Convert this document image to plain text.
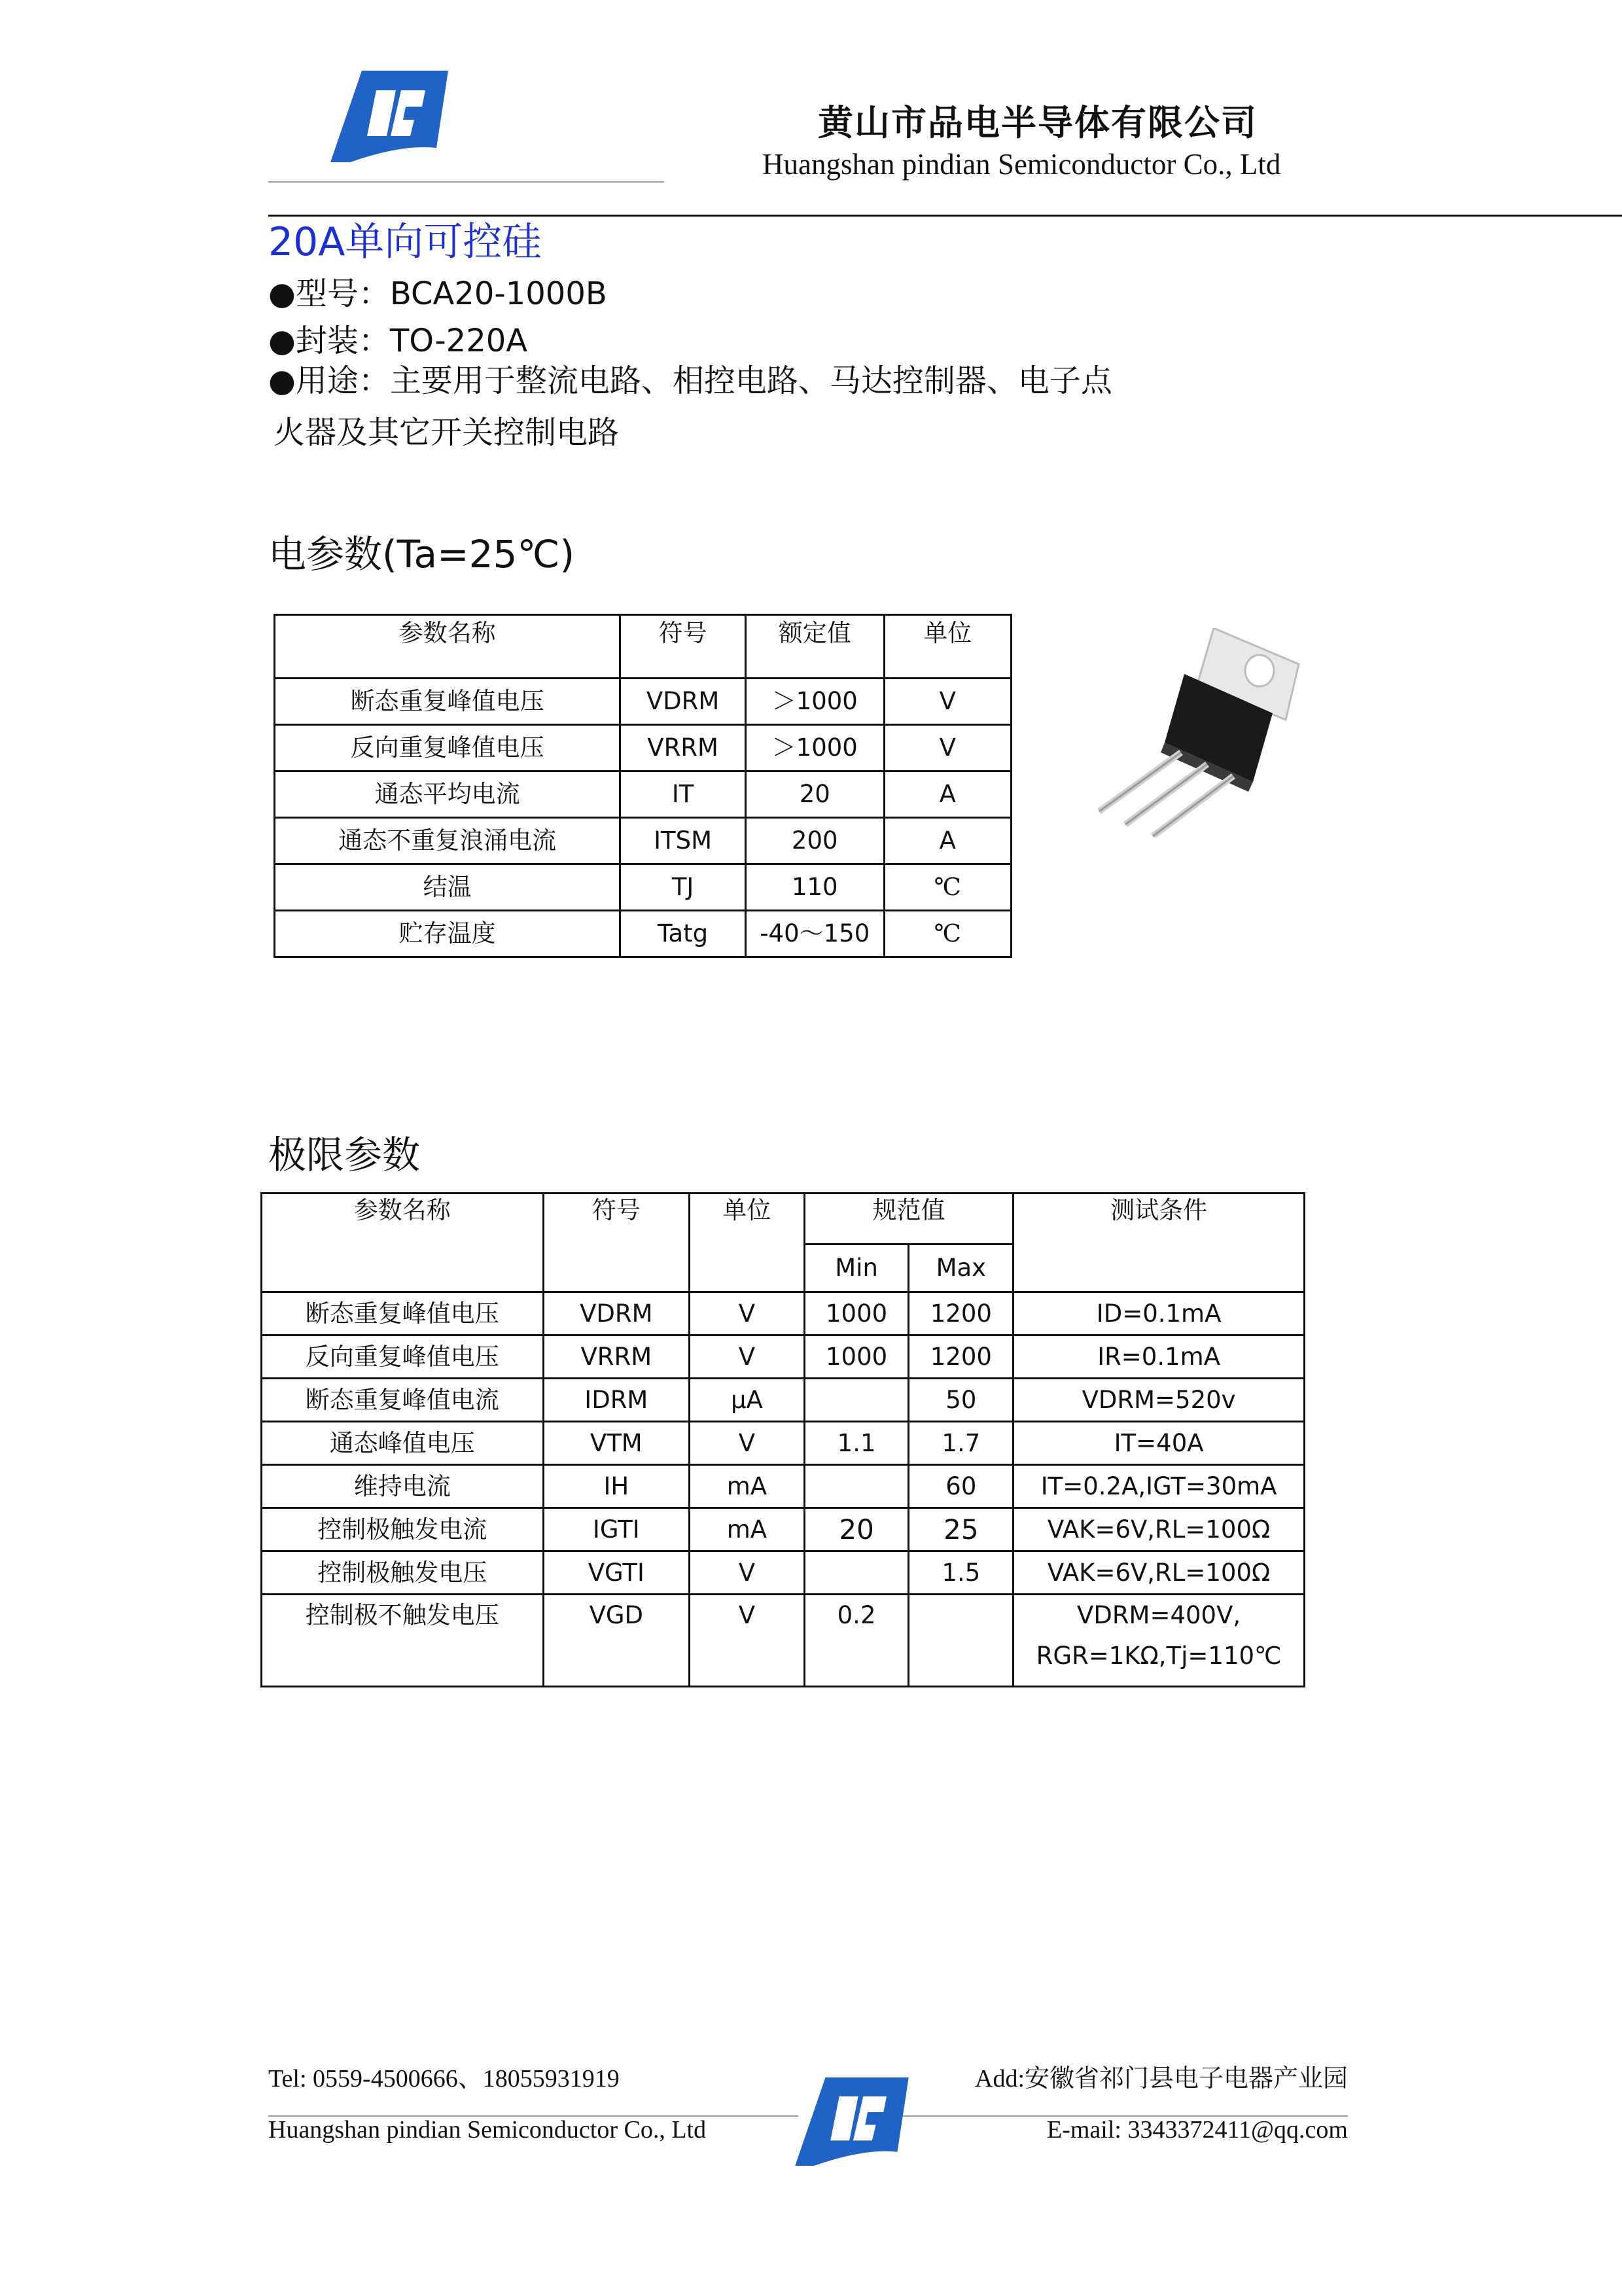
黄山市品电半导体有限公司
Huangshan pindian Semiconductor Co., Ltd
20A单向可控硅
●型号：BCA20-1000B
●封装：TO-220A
●用途：主要用于整流电路、相控电路、马达控制器、电子点
火器及其它开关控制电路
电参数(Ta=25℃)
参数名称	符号	额定值	单位
断态重复峰值电压	VDRM	＞1000	V
反向重复峰值电压	VRRM	＞1000	V
通态平均电流	IT	20	A
通态不重复浪涌电流	ITSM	200	A
结温	TJ	110	℃
贮存温度	Tatg	-40～150	℃
极限参数
参数名称	符号	单位	规范值		测试条件
			Min	Max	
断态重复峰值电压	VDRM	V	1000	1200	ID=0.1mA
反向重复峰值电压	VRRM	V	1000	1200	IR=0.1mA
断态重复峰值电流	IDRM	μA		50	VDRM=520v
通态峰值电压	VTM	V	1.1	1.7	IT=40A
维持电流	IH	mA		60	IT=0.2A,IGT=30mA
控制极触发电流	IGTI	mA	20	25	VAK=6V,RL=100Ω
控制极触发电压	VGTI	V		1.5	VAK=6V,RL=100Ω
控制极不触发电压	VGD	V	0.2		VDRM=400V,
RGR=1KΩ,Tj=110℃
Tel: 0559-4500666、18055931919	Add:安徽省祁门县电子电器产业园
Huangshan pindian Semiconductor Co., Ltd	E-mail: 3343372411@qq.com
